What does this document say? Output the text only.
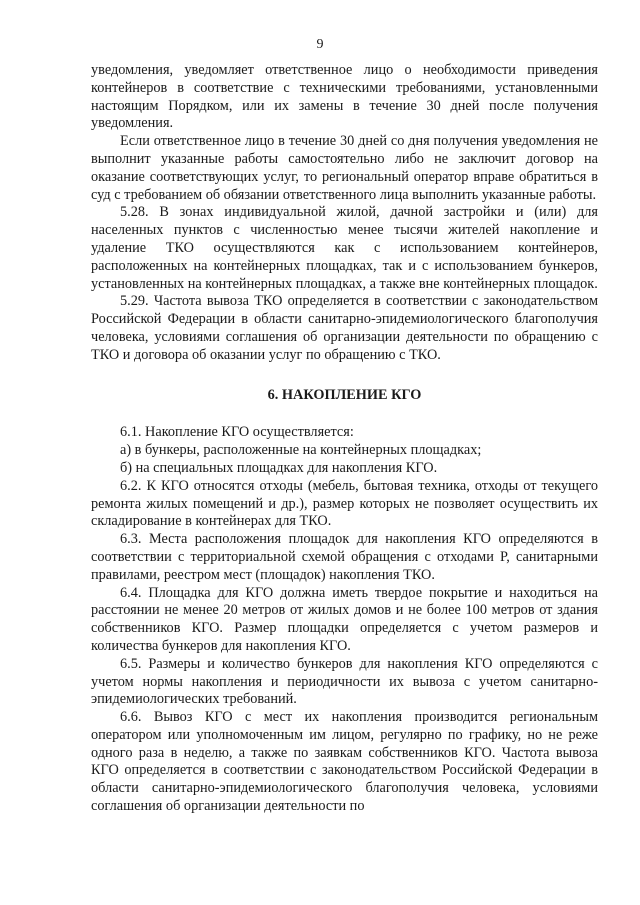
9

уведомления, уведомляет ответственное лицо о необходимости приведения контейнеров в соответствие с техническими требованиями, установленными настоящим Порядком, или их замены в течение 30 дней после получения уведомления.

Если ответственное лицо в течение 30 дней со дня получения уведомления не выполнит указанные работы самостоятельно либо не заключит договор на оказание соответствующих услуг, то региональный оператор вправе обратиться в суд с требованием об обязании ответственного лица выполнить указанные работы.

5.28. В зонах индивидуальной жилой, дачной застройки и (или) для населенных пунктов с численностью менее тысячи жителей накопление и удаление ТКО осуществляются как с использованием контейнеров, расположенных на контейнерных площадках, так и с использованием бункеров, установленных на контейнерных площадках, а также вне контейнерных площадок.

5.29. Частота вывоза ТКО определяется в соответствии с законодательством Российской Федерации в области санитарно-эпидемиологического благополучия человека, условиями соглашения об организации деятельности по обращению с ТКО и договора об оказании услуг по обращению с ТКО.

6. НАКОПЛЕНИЕ КГО

6.1. Накопление КГО осуществляется:

а) в бункеры, расположенные на контейнерных площадках;

б) на специальных площадках для накопления КГО.

6.2. К КГО относятся отходы (мебель, бытовая техника, отходы от текущего ремонта жилых помещений и др.), размер которых не позволяет осуществить их складирование в контейнерах для ТКО.

6.3. Места расположения площадок для накопления КГО определяются в соответствии с территориальной схемой обращения с отходами Р, санитарными правилами, реестром мест (площадок) накопления ТКО.

6.4. Площадка для КГО должна иметь твердое покрытие и находиться на расстоянии не менее 20 метров от жилых домов и не более 100 метров от здания собственников КГО. Размер площадки определяется с учетом размеров и количества бункеров для накопления КГО.

6.5. Размеры и количество бункеров для накопления КГО определяются с учетом нормы накопления и периодичности их вывоза с учетом санитарно-эпидемиологических требований.

6.6. Вывоз КГО с мест их накопления производится региональным оператором или уполномоченным им лицом, регулярно по графику, но не реже одного раза в неделю, а также по заявкам собственников КГО. Частота вывоза КГО определяется в соответствии с законодательством Российской Федерации в области санитарно-эпидемиологического благополучия человека, условиями соглашения об организации деятельности по
